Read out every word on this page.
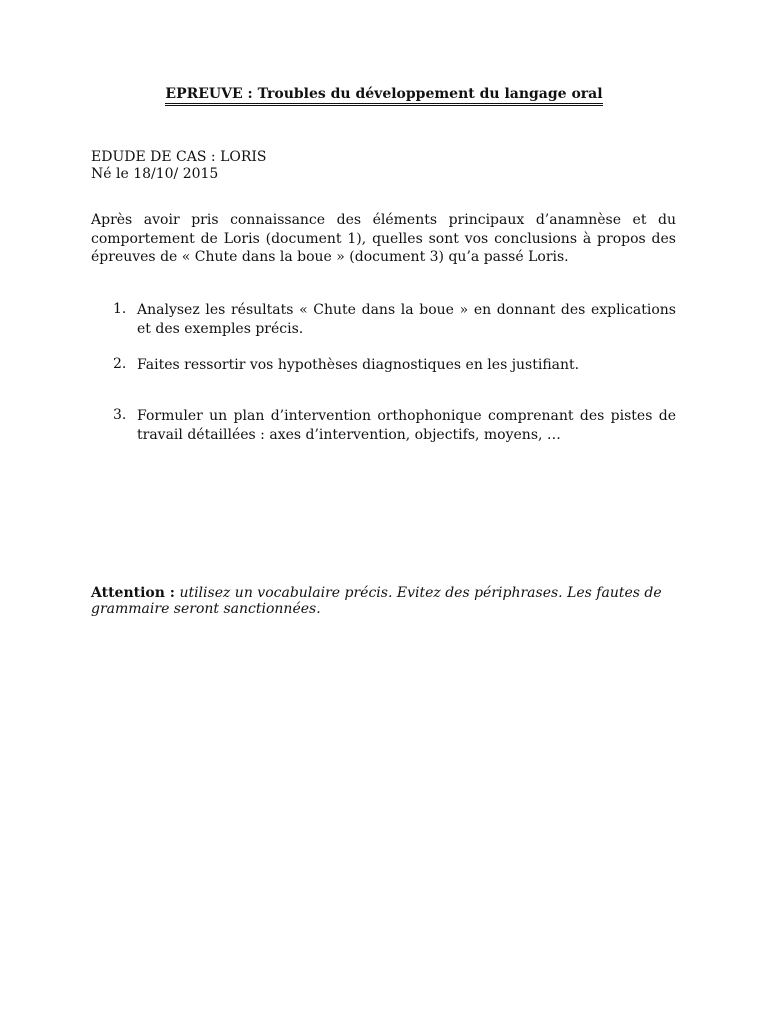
EPREUVE : Troubles du développement du langage oral
EDUDE DE CAS : LORIS
Né le 18/10/ 2015
Après avoir pris connaissance des éléments principaux d’anamnèse et du comportement de Loris (document 1), quelles sont vos conclusions à propos des épreuves de « Chute dans la boue » (document 3) qu’a passé Loris.
1. Analysez les résultats « Chute dans la boue » en donnant des explications et des exemples précis.
2. Faites ressortir vos hypothèses diagnostiques en les justifiant.
3. Formuler un plan d’intervention orthophonique comprenant des pistes de travail détaillées : axes d’intervention, objectifs, moyens, …
Attention : utilisez un vocabulaire précis. Evitez des périphrases. Les fautes de grammaire seront sanctionnées.
